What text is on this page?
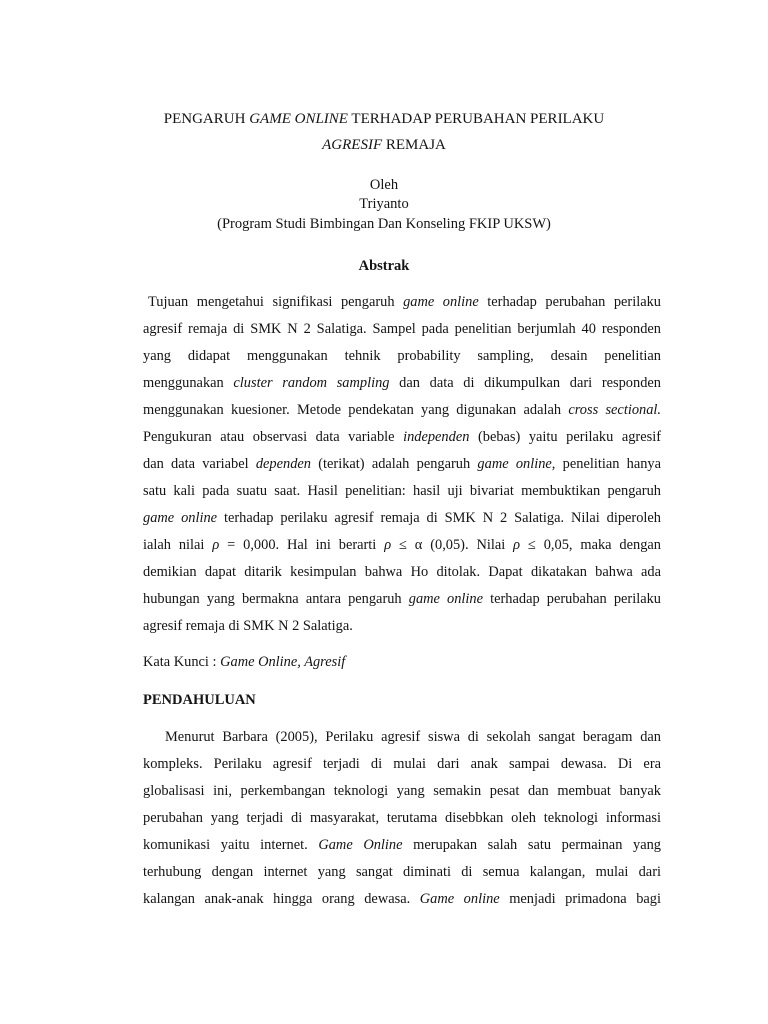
PENGARUH GAME ONLINE TERHADAP PERUBAHAN PERILAKU
AGRESIF REMAJA
Oleh
Triyanto
(Program Studi Bimbingan Dan Konseling FKIP UKSW)
Abstrak
Tujuan mengetahui signifikasi pengaruh game online terhadap perubahan perilaku
agresif remaja di SMK N 2 Salatiga. Sampel pada penelitian berjumlah 40 responden
yang didapat menggunakan tehnik probability sampling, desain penelitian
menggunakan cluster random sampling dan data di dikumpulkan dari responden
menggunakan kuesioner. Metode pendekatan yang digunakan adalah cross sectional.
Pengukuran atau observasi data variable independen (bebas) yaitu perilaku agresif
dan data variabel dependen (terikat) adalah pengaruh game online, penelitian hanya
satu kali pada suatu saat. Hasil penelitian: hasil uji bivariat membuktikan pengaruh
game online terhadap perilaku agresif remaja di SMK N 2 Salatiga. Nilai diperoleh
ialah nilai ρ = 0,000. Hal ini berarti ρ ≤ α (0,05). Nilai ρ ≤ 0,05, maka dengan
demikian dapat ditarik kesimpulan bahwa Ho ditolak. Dapat dikatakan bahwa ada
hubungan yang bermakna antara pengaruh game online terhadap perubahan perilaku
agresif remaja di SMK N 2 Salatiga.
Kata Kunci : Game Online, Agresif
PENDAHULUAN
Menurut Barbara (2005), Perilaku agresif siswa di sekolah sangat beragam dan
kompleks. Perilaku agresif terjadi di mulai dari anak sampai dewasa. Di era
globalisasi ini, perkembangan teknologi yang semakin pesat dan membuat banyak
perubahan yang terjadi di masyarakat, terutama disebbkan oleh teknologi informasi
komunikasi yaitu internet. Game Online merupakan salah satu permainan yang
terhubung dengan internet yang sangat diminati di semua kalangan, mulai dari
kalangan anak-anak hingga orang dewasa. Game online menjadi primadona bagi
